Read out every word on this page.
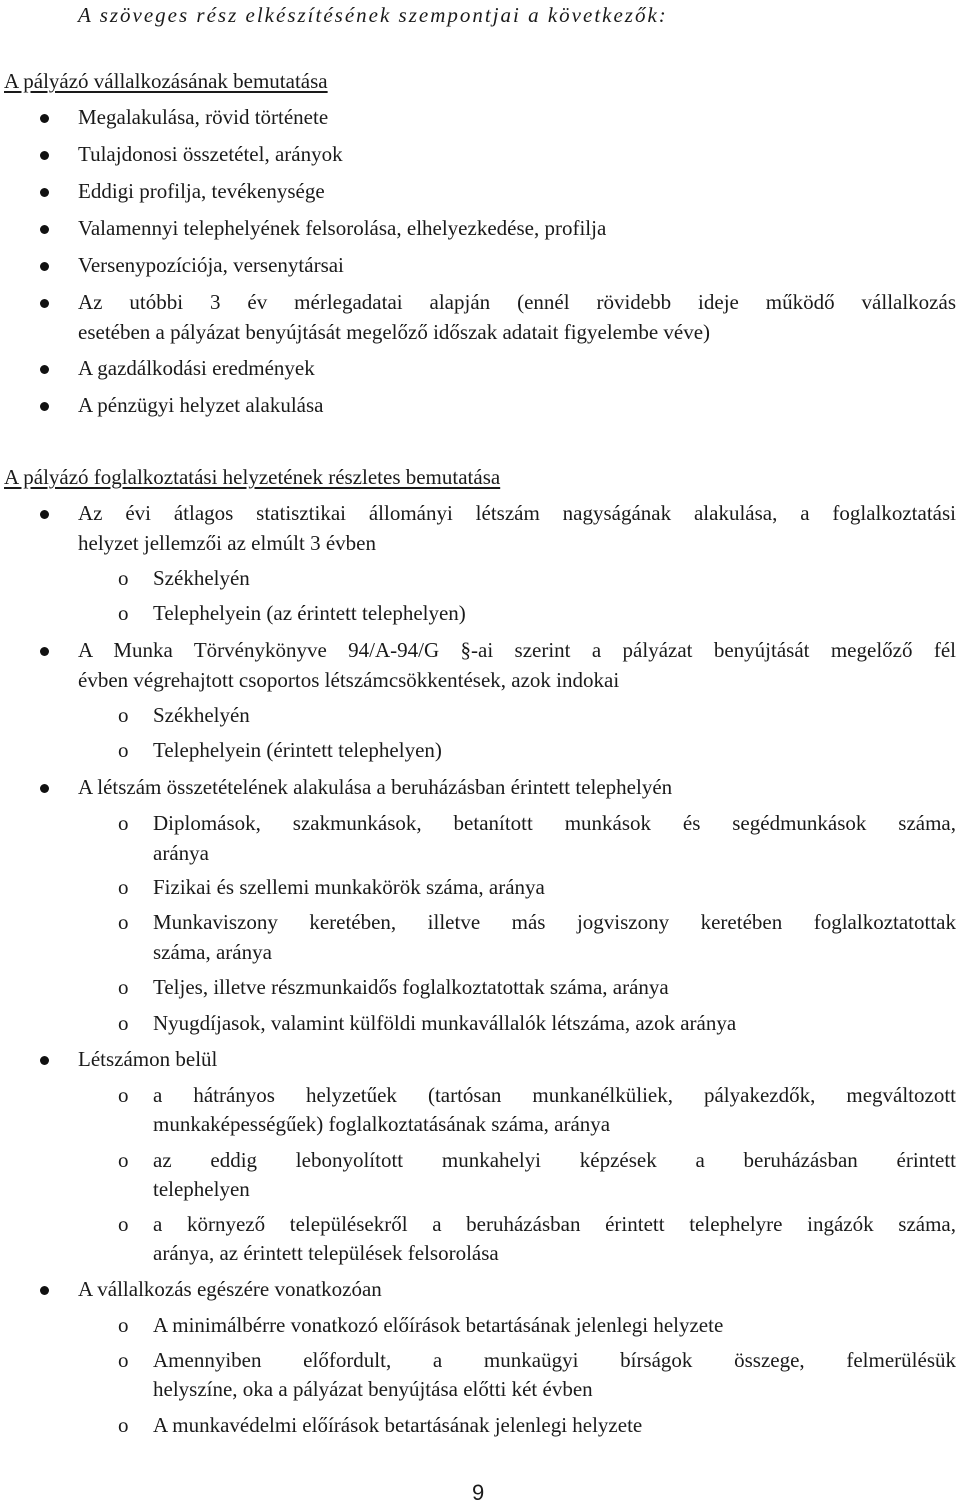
A szöveges rész elkészítésének szempontjai a következők:
A pályázó vállalkozásának bemutatása
Megalakulása, rövid története
Tulajdonosi összetétel, arányok
Eddigi profilja, tevékenysége
Valamennyi telephelyének felsorolása, elhelyezkedése, profilja
Versenypozíciója, versenytársai
Az utóbbi 3 év mérlegadatai alapján (ennél rövidebb ideje működő vállalkozás
esetében a pályázat benyújtását megelőző időszak adatait figyelembe véve)
A gazdálkodási eredmények
A pénzügyi helyzet alakulása
A pályázó foglalkoztatási helyzetének részletes bemutatása
Az évi átlagos statisztikai állományi létszám nagyságának alakulása, a foglalkoztatási
helyzet jellemzői az elmúlt 3 évben
o Székhelyén
o Telephelyein (az érintett telephelyen)
A Munka Törvénykönyve 94/A-94/G §-ai szerint a pályázat benyújtását megelőző fél
évben végrehajtott csoportos létszámcsökkentések, azok indokai
o Székhelyén
o Telephelyein (érintett telephelyen)
A létszám összetételének alakulása a beruházásban érintett telephelyén
o Diplomások, szakmunkások, betanított munkások és segédmunkások száma,
aránya
o Fizikai és szellemi munkakörök száma, aránya
o Munkaviszony keretében, illetve más jogviszony keretében foglalkoztatottak
száma, aránya
o Teljes, illetve részmunkaidős foglalkoztatottak száma, aránya
o Nyugdíjasok, valamint külföldi munkavállalók létszáma, azok aránya
Létszámon belül
o a hátrányos helyzetűek (tartósan munkanélküliek, pályakezdők, megváltozott
munkaképességűek) foglalkoztatásának száma, aránya
o az eddig lebonyolított munkahelyi képzések a beruházásban érintett
telephelyen
o a környező településekről a beruházásban érintett telephelyre ingázók száma,
aránya, az érintett települések felsorolása
A vállalkozás egészére vonatkozóan
o A minimálbérre vonatkozó előírások betartásának jelenlegi helyzete
o Amennyiben előfordult, a munkaügyi bírságok összege, felmerülésük
helyszíne, oka a pályázat benyújtása előtti két évben
o A munkavédelmi előírások betartásának jelenlegi helyzete
9
